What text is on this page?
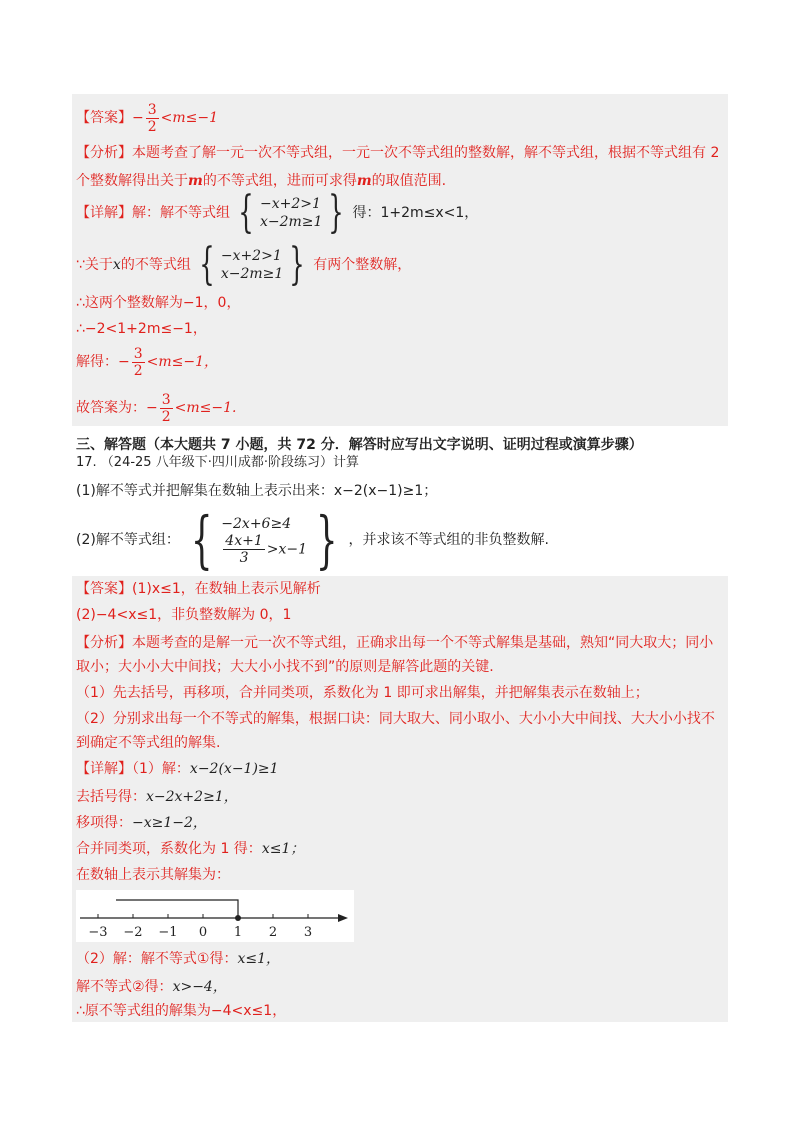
【答案】− $\frac{3}{2} <m\le-1$
【分析】本题考查了解一元一次不等式组，一元一次不等式组的整数解，解不等式组，根据不等式组有 2
个整数解得出关于m的不等式组，进而可求得m的取值范围.
【详解】解：解不等式组 { −x+2>1
x−2m≥1 } 得：1+2m≤x<1，
∵关于x的不等式组 { −x+2>1
x−2m≥1 } 有两个整数解，
∴这两个整数解为−1，0，
∴−2<1+2m≤−1，
解得：− $\frac{3}{2} <m\le-1$，
故答案为：− $\frac{3}{2} <m\le-1$.
三、解答题（本大题共 7 小题，共 72 分．解答时应写出文字说明、证明过程或演算步骤）
17. （24-25 八年级下·四川成都·阶段练习）计算
(1)解不等式并把解集在数轴上表示出来：x−2(x−1)≥1；
(2)解不等式组： { −2x+6≥4
$\frac{4x+1}{3} >x-1$ } ，并求该不等式组的非负整数解.
【答案】(1)x≤1，在数轴上表示见解析
(2)−4<x≤1，非负整数解为 0，1
【分析】本题考查的是解一元一次不等式组，正确求出每一个不等式解集是基础，熟知“同大取大；同小
取小；大小小大中间找；大大小小找不到”的原则是解答此题的关键.
（1）先去括号，再移项，合并同类项，系数化为 1 即可求出解集，并把解集表示在数轴上；
（2）分别求出每一个不等式的解集，根据口诀：同大取大、同小取小、大小小大中间找、大大小小找不
到确定不等式组的解集.
【详解】（1）解：x−2(x−1)≥1
去括号得：x−2x+2≥1，
移项得：−x≥1−2，
合并同类项，系数化为 1 得：x≤1；
在数轴上表示其解集为：
−3 −2 −1 0 1 2 3
（2）解：解不等式①得：x≤1，
解不等式②得：x>−4，
∴原不等式组的解集为−4<x≤1，
